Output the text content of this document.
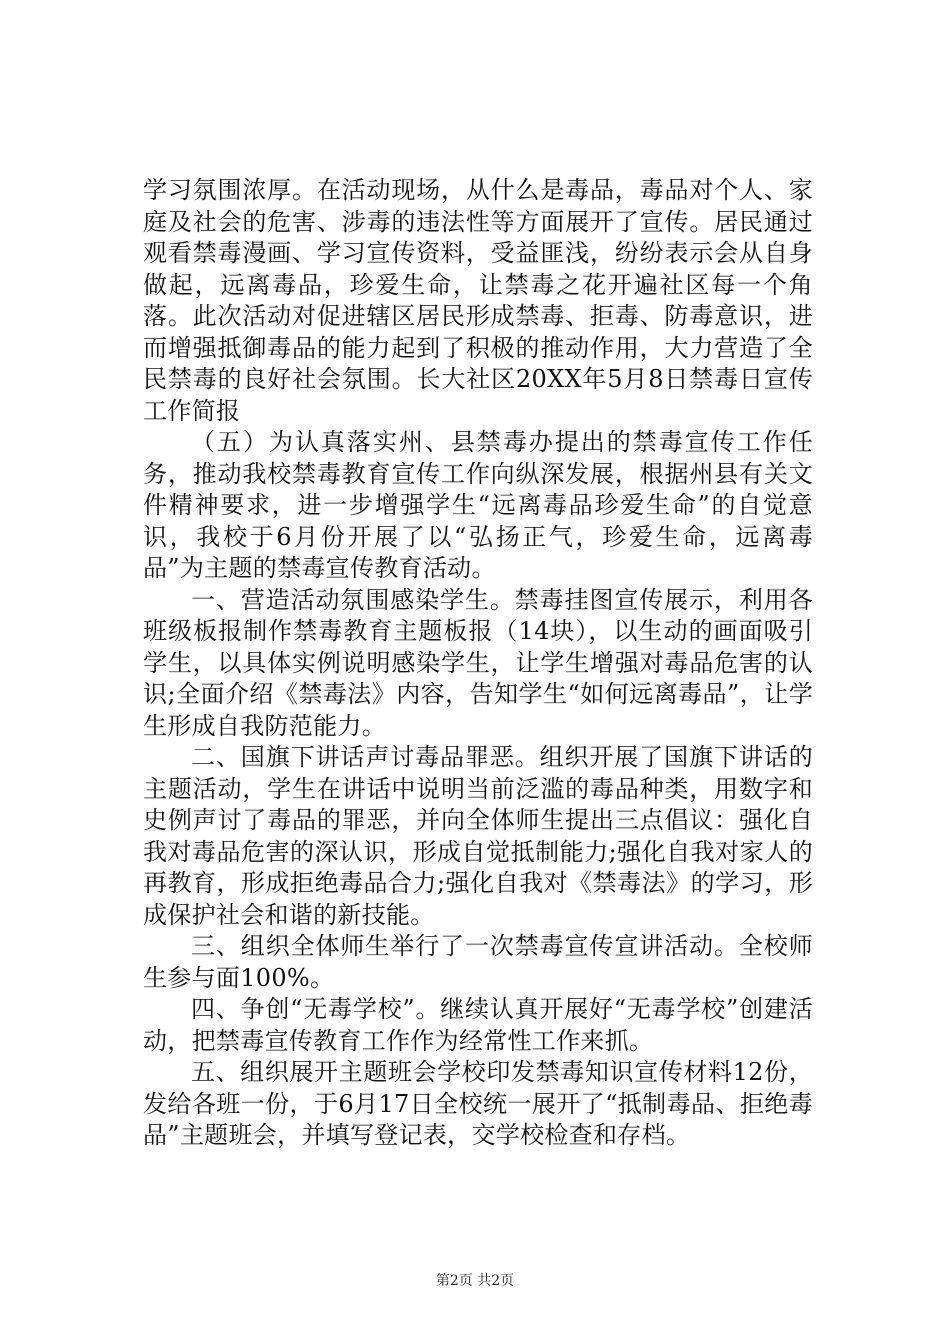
学习氛围浓厚。在活动现场，从什么是毒品，毒品对个人、家庭及社会的危害、涉毒的违法性等方面展开了宣传。居民通过观看禁毒漫画、学习宣传资料，受益匪浅，纷纷表示会从自身做起，远离毒品，珍爱生命，让禁毒之花开遍社区每一个角落。此次活动对促进辖区居民形成禁毒、拒毒、防毒意识，进而增强抵御毒品的能力起到了积极的推动作用，大力营造了全民禁毒的良好社会氛围。长大社区20XX年5月8日禁毒日宣传工作简报

（五）为认真落实州、县禁毒办提出的禁毒宣传工作任务，推动我校禁毒教育宣传工作向纵深发展，根据州县有关文件精神要求，进一步增强学生“远离毒品珍爱生命”的自觉意识，我校于6月份开展了以“弘扬正气，珍爱生命，远离毒品”为主题的禁毒宣传教育活动。

一、营造活动氛围感染学生。禁毒挂图宣传展示，利用各班级板报制作禁毒教育主题板报（14块），以生动的画面吸引学生，以具体实例说明感染学生，让学生增强对毒品危害的认识;全面介绍《禁毒法》内容，告知学生“如何远离毒品”，让学生形成自我防范能力。

二、国旗下讲话声讨毒品罪恶。组织开展了国旗下讲话的主题活动，学生在讲话中说明当前泛滥的毒品种类，用数字和史例声讨了毒品的罪恶，并向全体师生提出三点倡议：强化自我对毒品危害的深认识，形成自觉抵制能力;强化自我对家人的再教育，形成拒绝毒品合力;强化自我对《禁毒法》的学习，形成保护社会和谐的新技能。

三、组织全体师生举行了一次禁毒宣传宣讲活动。全校师生参与面100%。

四、争创“无毒学校”。继续认真开展好“无毒学校”创建活动，把禁毒宣传教育工作作为经常性工作来抓。

五、组织展开主题班会学校印发禁毒知识宣传材料12份，发给各班一份，于6月17日全校统一展开了“抵制毒品、拒绝毒品”主题班会，并填写登记表，交学校检查和存档。

第2页 共2页
